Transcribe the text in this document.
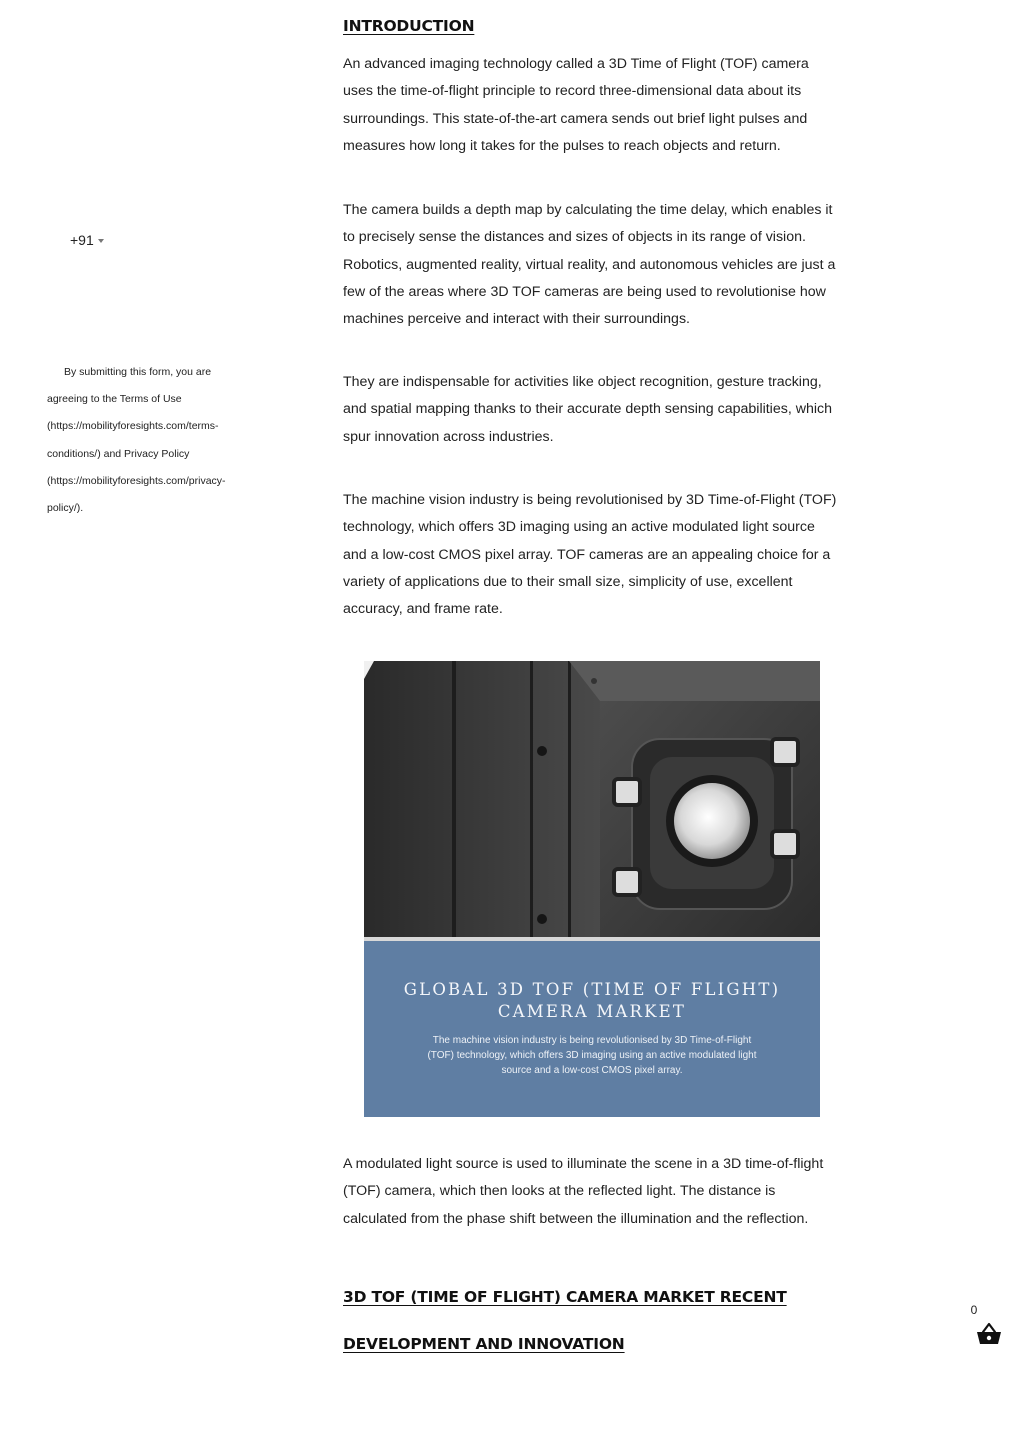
+91
By submitting this form, you are agreeing to the Terms of Use (https://mobilityforesights.com/terms-conditions/) and Privacy Policy (https://mobilityforesights.com/privacy-policy/).
INTRODUCTION

An advanced imaging technology called a 3D Time of Flight (TOF) camera uses the time-of-flight principle to record three-dimensional data about its surroundings. This state-of-the-art camera sends out brief light pulses and measures how long it takes for the pulses to reach objects and return.

The camera builds a depth map by calculating the time delay, which enables it to precisely sense the distances and sizes of objects in its range of vision. Robotics, augmented reality, virtual reality, and autonomous vehicles are just a few of the areas where 3D TOF cameras are being used to revolutionise how machines perceive and interact with their surroundings.

They are indispensable for activities like object recognition, gesture tracking, and spatial mapping thanks to their accurate depth sensing capabilities, which spur innovation across industries.

The machine vision industry is being revolutionised by 3D Time-of-Flight (TOF) technology, which offers 3D imaging using an active modulated light source and a low-cost CMOS pixel array. TOF cameras are an appealing choice for a variety of applications due to their small size, simplicity of use, excellent accuracy, and frame rate.

GLOBAL 3D TOF (TIME OF FLIGHT) CAMERA MARKET
The machine vision industry is being revolutionised by 3D Time-of-Flight (TOF) technology, which offers 3D imaging using an active modulated light source and a low-cost CMOS pixel array.

A modulated light source is used to illuminate the scene in a 3D time-of-flight (TOF) camera, which then looks at the reflected light. The distance is calculated from the phase shift between the illumination and the reflection.

3D TOF (TIME OF FLIGHT) CAMERA MARKET RECENT
DEVELOPMENT AND INNOVATION
0
